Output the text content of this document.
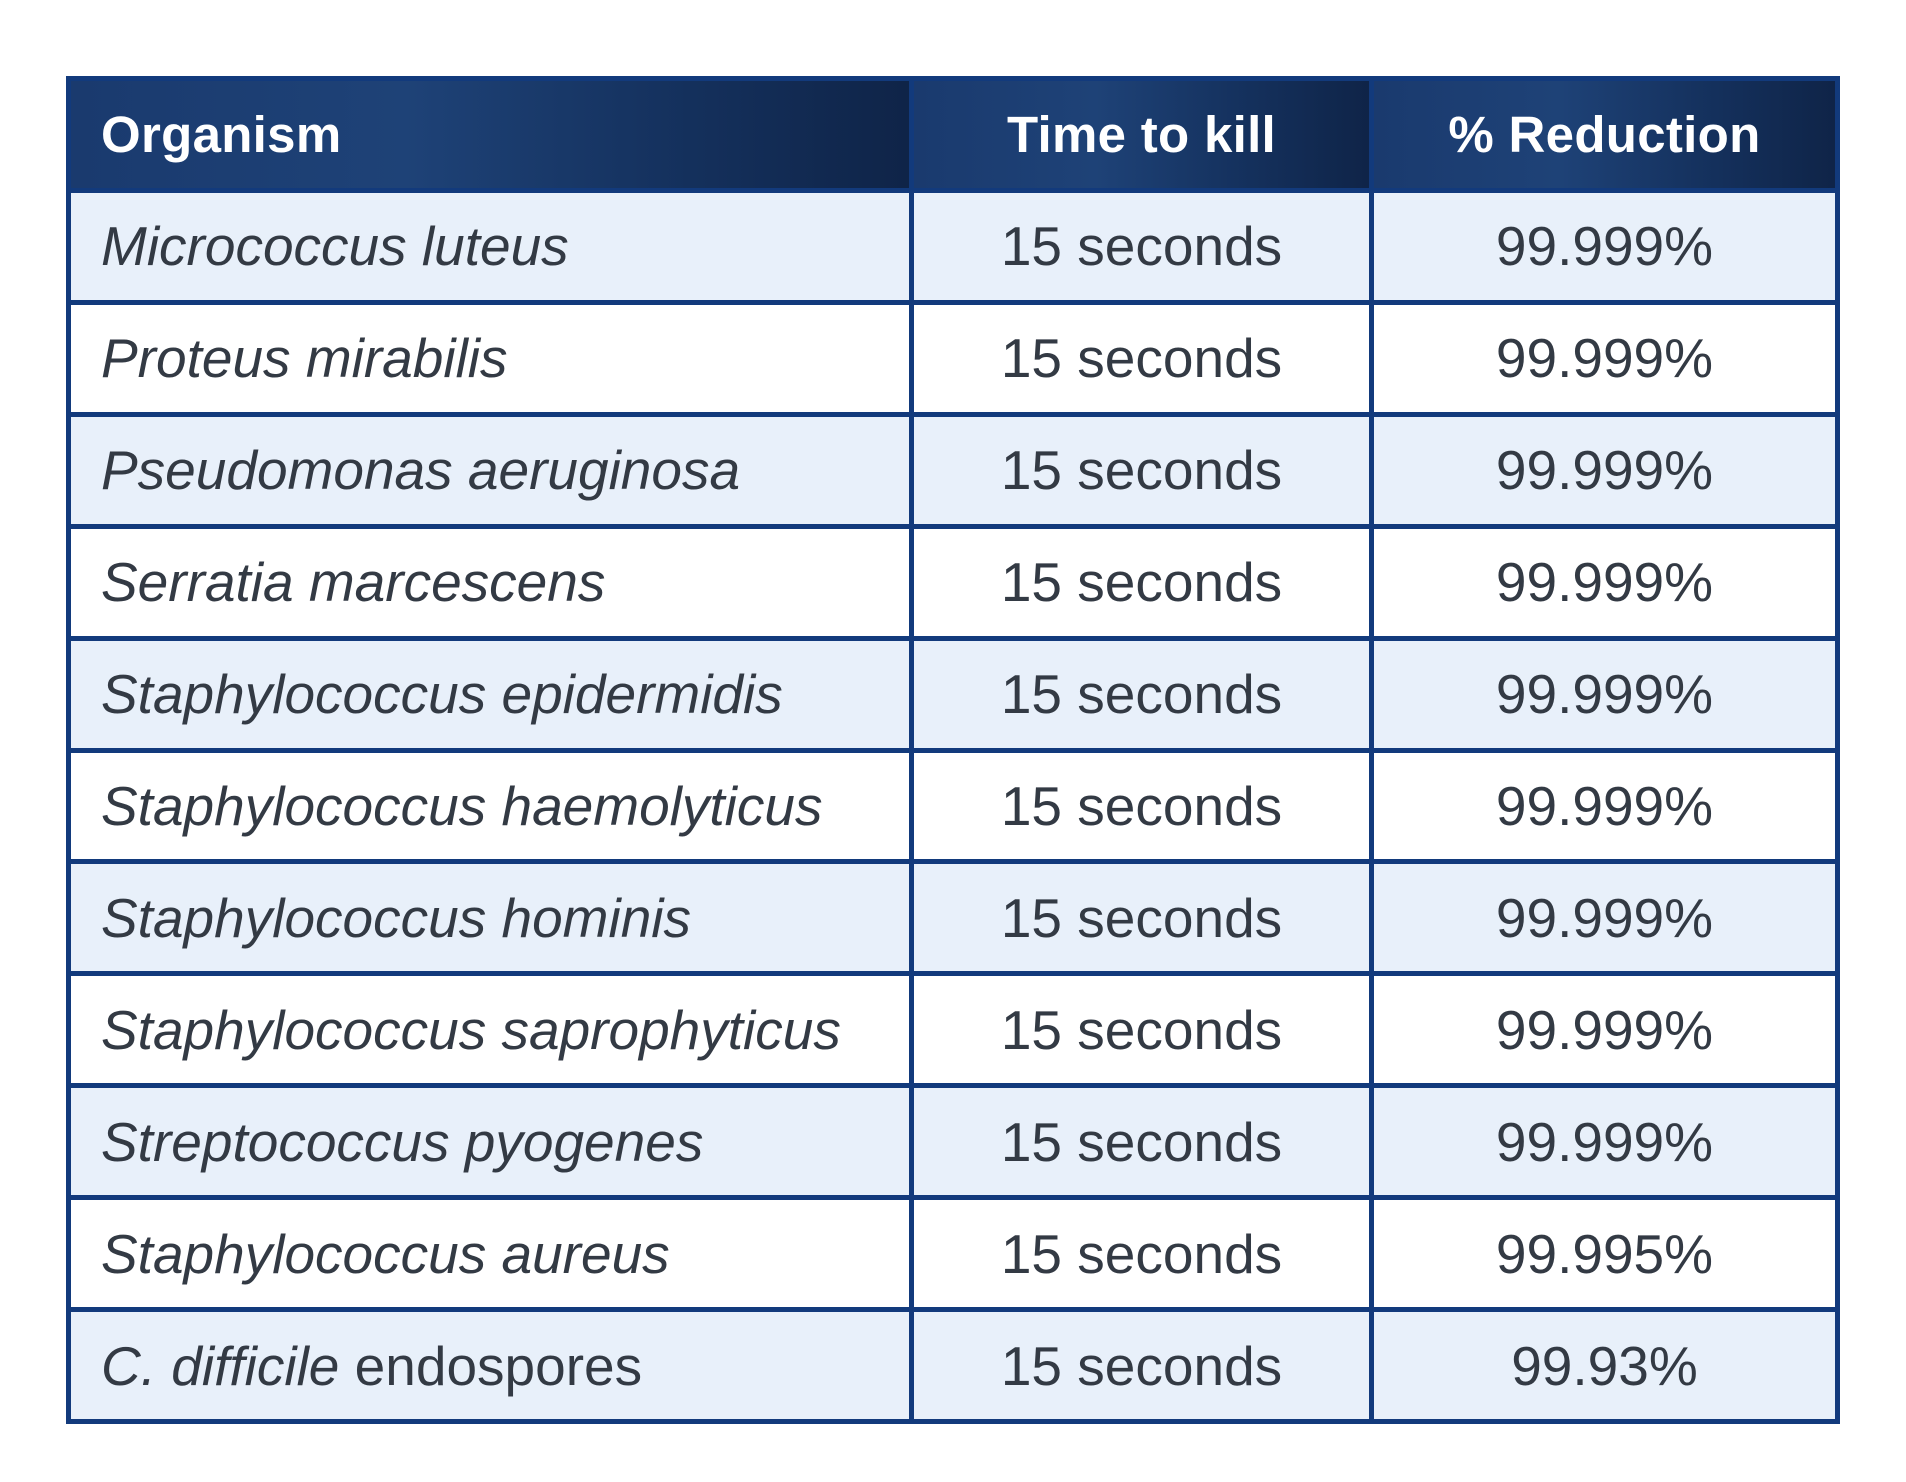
Organism	Time to kill	% Reduction
Micrococcus luteus	15 seconds	99.999%
Proteus mirabilis	15 seconds	99.999%
Pseudomonas aeruginosa	15 seconds	99.999%
Serratia marcescens	15 seconds	99.999%
Staphylococcus epidermidis	15 seconds	99.999%
Staphylococcus haemolyticus	15 seconds	99.999%
Staphylococcus hominis	15 seconds	99.999%
Staphylococcus saprophyticus	15 seconds	99.999%
Streptococcus pyogenes	15 seconds	99.999%
Staphylococcus aureus	15 seconds	99.995%
C. difficile endospores	15 seconds	99.93%
